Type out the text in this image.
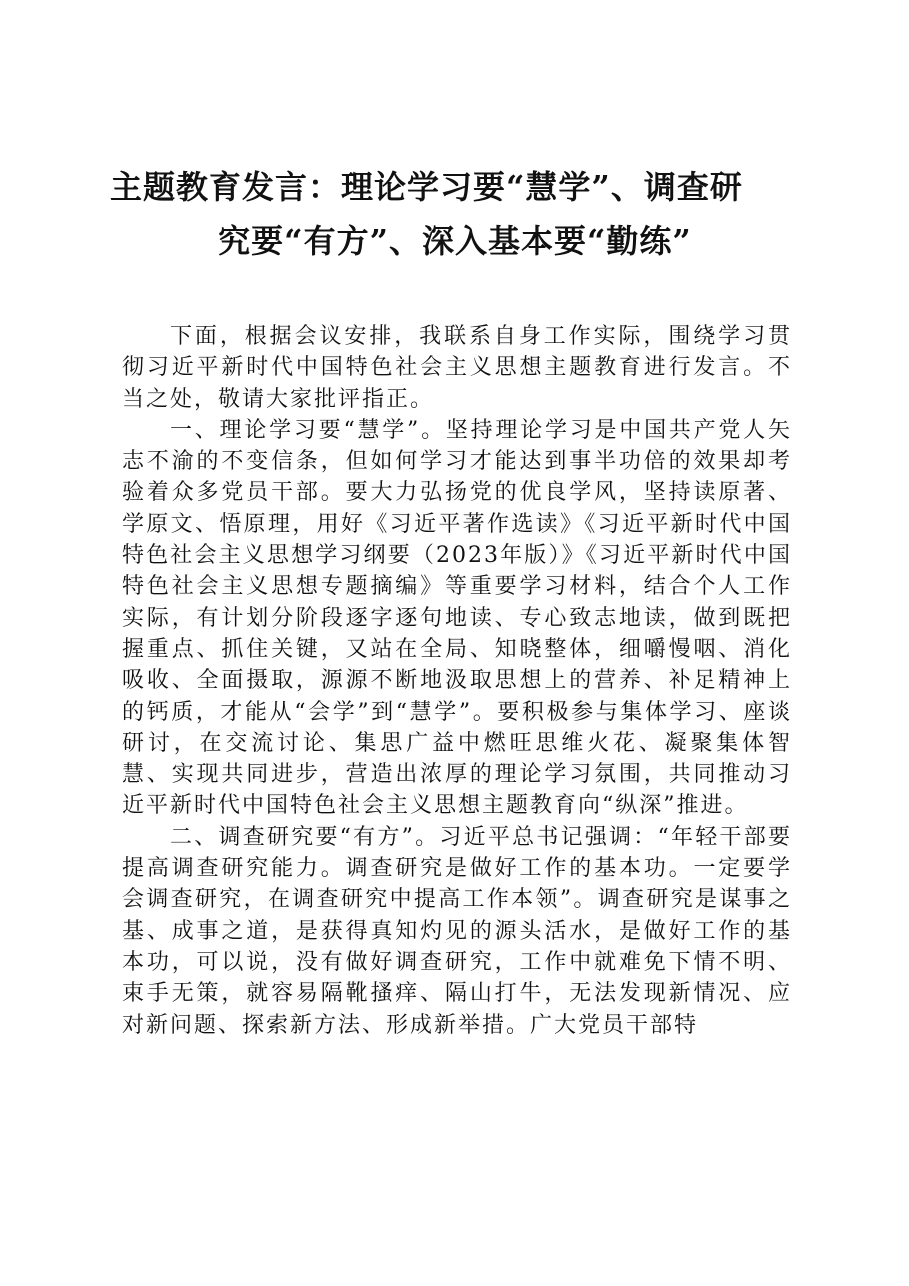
主题教育发言：理论学习要“慧学”、调查研
究要“有方”、深入基本要“勤练”

下面，根据会议安排，我联系自身工作实际，围绕学习贯彻习近平新时代中国特色社会主义思想主题教育进行发言。不当之处，敬请大家批评指正。

一、理论学习要“慧学”。坚持理论学习是中国共产党人矢志不渝的不变信条，但如何学习才能达到事半功倍的效果却考验着众多党员干部。要大力弘扬党的优良学风，坚持读原著、学原文、悟原理，用好《习近平著作选读》《习近平新时代中国特色社会主义思想学习纲要（2023年版）》《习近平新时代中国特色社会主义思想专题摘编》等重要学习材料，结合个人工作实际，有计划分阶段逐字逐句地读、专心致志地读，做到既把握重点、抓住关键，又站在全局、知晓整体，细嚼慢咽、消化吸收、全面摄取，源源不断地汲取思想上的营养、补足精神上的钙质，才能从“会学”到“慧学”。要积极参与集体学习、座谈研讨，在交流讨论、集思广益中燃旺思维火花、凝聚集体智慧、实现共同进步，营造出浓厚的理论学习氛围，共同推动习近平新时代中国特色社会主义思想主题教育向“纵深”推进。

二、调查研究要“有方”。习近平总书记强调：“年轻干部要提高调查研究能力。调查研究是做好工作的基本功。一定要学会调查研究，在调查研究中提高工作本领”。调查研究是谋事之基、成事之道，是获得真知灼见的源头活水，是做好工作的基本功，可以说，没有做好调查研究，工作中就难免下情不明、束手无策，就容易隔靴搔痒、隔山打牛，无法发现新情况、应对新问题、探索新方法、形成新举措。广大党员干部特
